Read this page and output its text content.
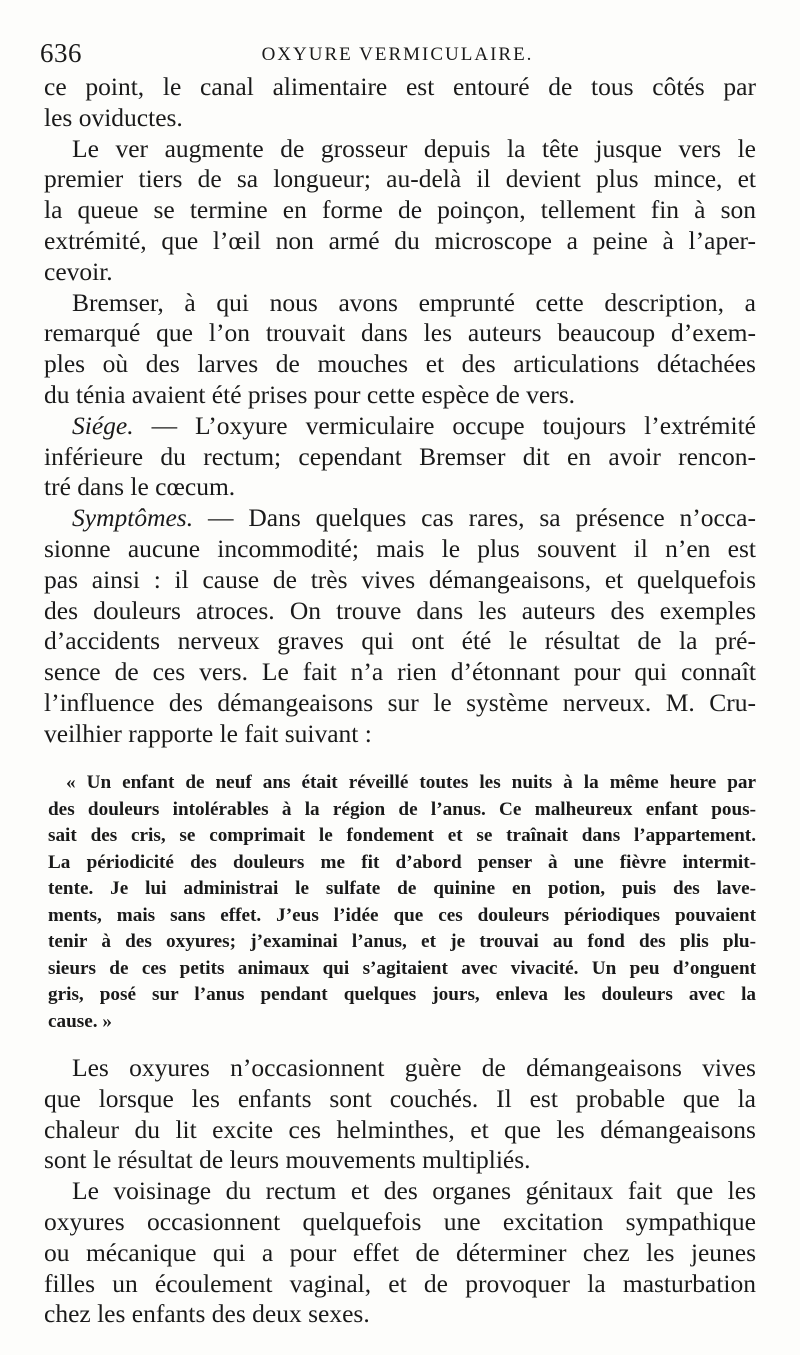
636	OXYURE VERMICULAIRE.
ce point, le canal alimentaire est entouré de tous côtés par
les oviductes.
Le ver augmente de grosseur depuis la tête jusque vers le
premier tiers de sa longueur; au-delà il devient plus mince, et
la queue se termine en forme de poinçon, tellement fin à son
extrémité, que l’œil non armé du microscope a peine à l’aper-
cevoir.
Bremser, à qui nous avons emprunté cette description, a
remarqué que l’on trouvait dans les auteurs beaucoup d’exem-
ples où des larves de mouches et des articulations détachées
du ténia avaient été prises pour cette espèce de vers.
Siége. — L’oxyure vermiculaire occupe toujours l’extrémité
inférieure du rectum; cependant Bremser dit en avoir rencon-
tré dans le cœcum.
Symptômes. — Dans quelques cas rares, sa présence n’occa-
sionne aucune incommodité; mais le plus souvent il n’en est
pas ainsi : il cause de très vives démangeaisons, et quelquefois
des douleurs atroces. On trouve dans les auteurs des exemples
d’accidents nerveux graves qui ont été le résultat de la pré-
sence de ces vers. Le fait n’a rien d’étonnant pour qui connaît
l’influence des démangeaisons sur le système nerveux. M. Cru-
veilhier rapporte le fait suivant :
« Un enfant de neuf ans était réveillé toutes les nuits à la même heure par
des douleurs intolérables à la région de l’anus. Ce malheureux enfant pous-
sait des cris, se comprimait le fondement et se traînait dans l’appartement.
La périodicité des douleurs me fit d’abord penser à une fièvre intermit-
tente. Je lui administrai le sulfate de quinine en potion, puis des lave-
ments, mais sans effet. J’eus l’idée que ces douleurs périodiques pouvaient
tenir à des oxyures; j’examinai l’anus, et je trouvai au fond des plis plu-
sieurs de ces petits animaux qui s’agitaient avec vivacité. Un peu d’onguent
gris, posé sur l’anus pendant quelques jours, enleva les douleurs avec la
cause. »
Les oxyures n’occasionnent guère de démangeaisons vives
que lorsque les enfants sont couchés. Il est probable que la
chaleur du lit excite ces helminthes, et que les démangeaisons
sont le résultat de leurs mouvements multipliés.
Le voisinage du rectum et des organes génitaux fait que les
oxyures occasionnent quelquefois une excitation sympathique
ou mécanique qui a pour effet de déterminer chez les jeunes
filles un écoulement vaginal, et de provoquer la masturbation
chez les enfants des deux sexes.
